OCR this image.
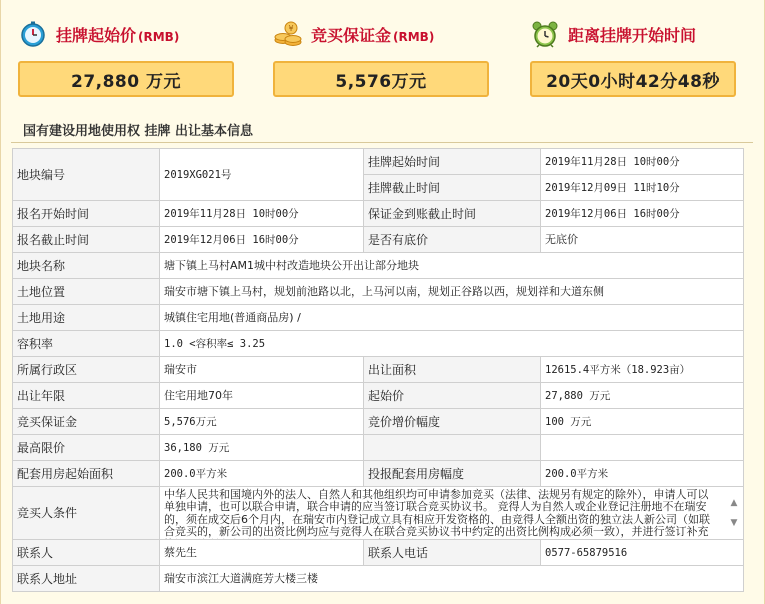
挂牌起始价 (RMB)
27,880 万元
¥ 竞买保证金 (RMB)
5,576万元
距离挂牌开始时间
20天0小时42分48秒
国有建设用地使用权 挂牌 出让基本信息
地块编号	2019XG021号	挂牌起始时间	2019年11月28日 10时00分
		挂牌截止时间	2019年12月09日 11时10分
报名开始时间	2019年11月28日 10时00分	保证金到账截止时间	2019年12月06日 16时00分
报名截止时间	2019年12月06日 16时00分	是否有底价	无底价
地块名称	塘下镇上马村AM1城中村改造地块公开出让部分地块		
土地位置	瑞安市塘下镇上马村，规划前池路以北，上马河以南，规划正谷路以西，规划祥和大道东侧		
土地用途	城镇住宅用地(普通商品房) /		
容积率	1.0 <容积率≤ 3.25		
所属行政区	瑞安市	出让面积	12615.4平方米（18.923亩）
出让年限	住宅用地70年	起始价	27,880 万元
竞买保证金	5,576万元	竞价增价幅度	100 万元
最高限价	36,180 万元		
配套用房起始面积	200.0平方米	投报配套用房幅度	200.0平方米
竞买人条件	中华人民共和国境内外的法人、自然人和其他组织均可申请参加竞买（法律、法规另有规定的除外），申请人可以单独申请，也可以联合申请，联合申请的应当签订联合竞买协议书。 竞得人为自然人或企业登记注册地不在瑞安的，须在成交后6个月内，在瑞安市内登记成立具有相应开发资格的、由竞得人全额出资的独立法人新公司（如联合竞买的，新公司的出资比例均应与竞得人在联合竞买协议书中约定的出资比例构成必须一致），并进行签订补充
▲
▼		

联系人	蔡先生	联系人电话	0577-65879516
联系人地址	瑞安市滨江大道满庭芳大楼三楼		
